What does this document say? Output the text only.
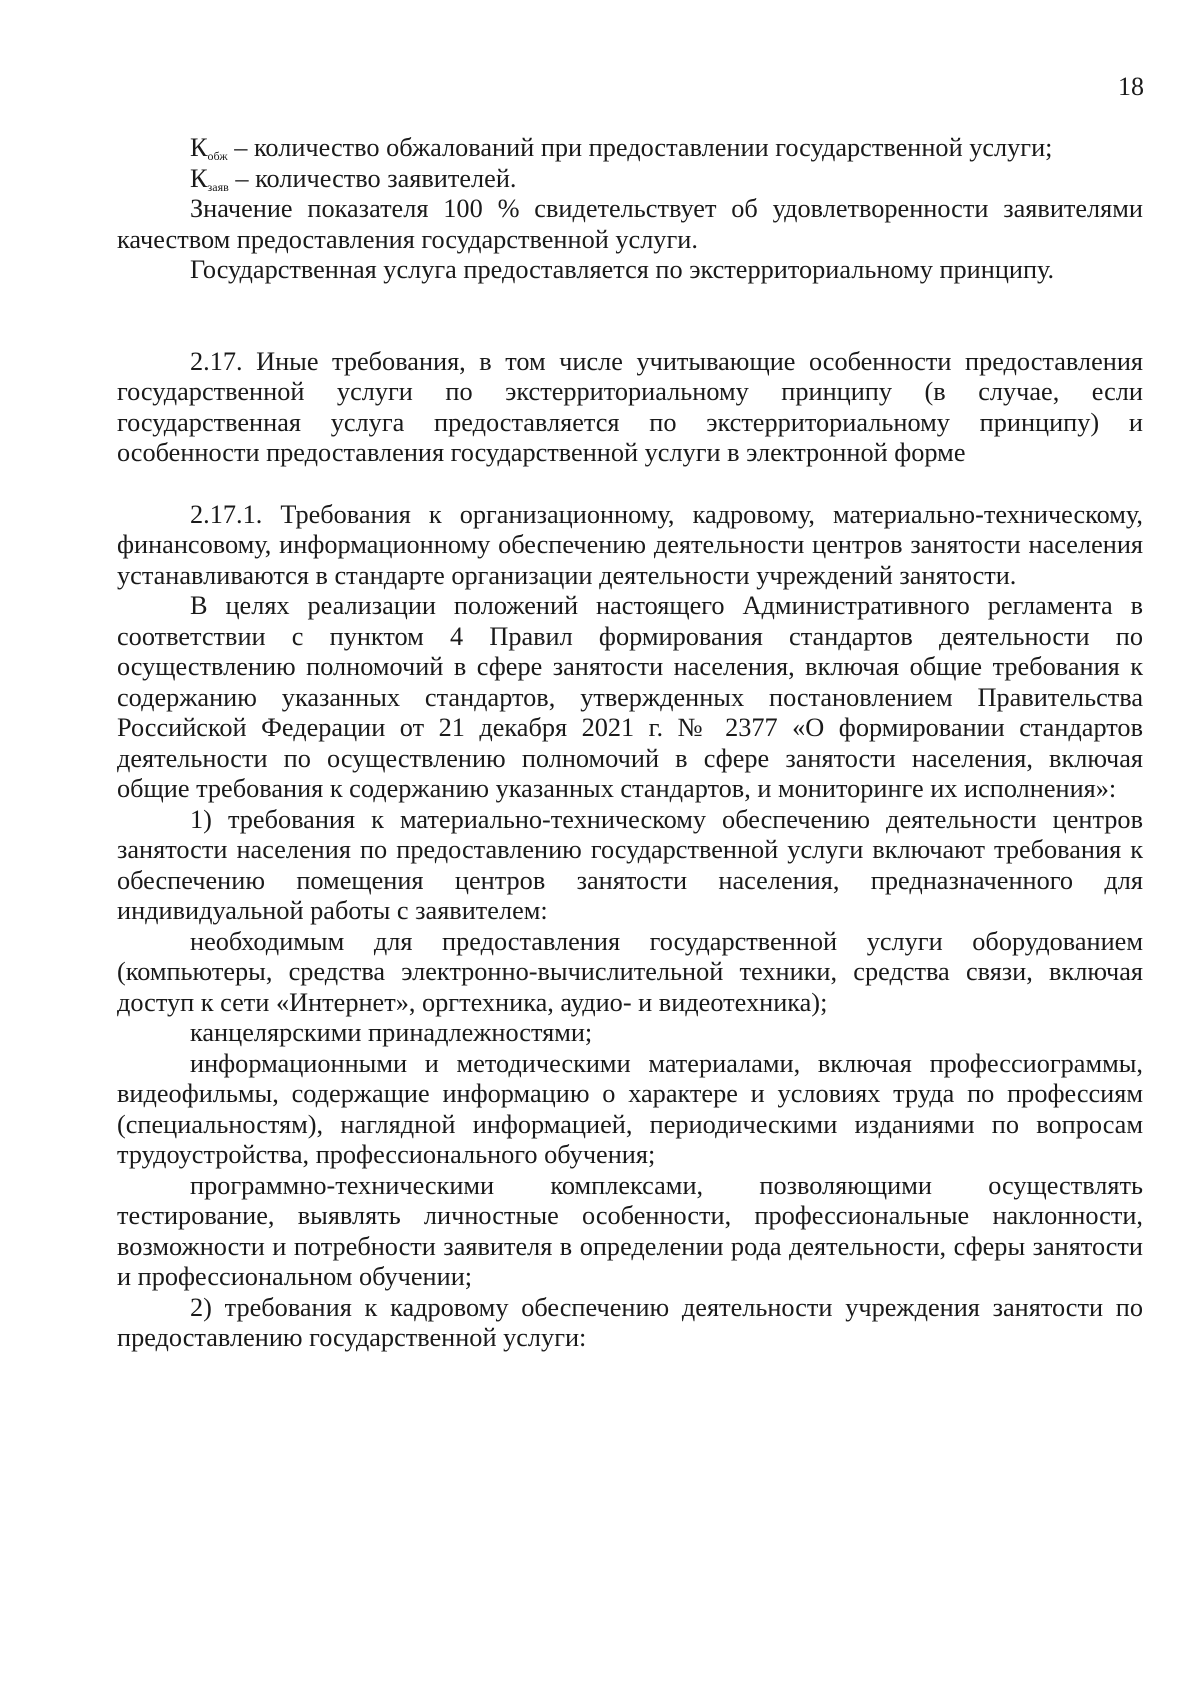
18

$К_{обж}$ – количество обжалований при предоставлении государственной услуги;

$К_{заяв}$ – количество заявителей.

Значение показателя 100 % свидетельствует об удовлетворенности заявителями качеством предоставления государственной услуги.

Государственная услуга предоставляется по экстерриториальному принципу.

2.17. Иные требования, в том числе учитывающие особенности предоставления государственной услуги по экстерриториальному принципу (в случае, если государственная услуга предоставляется по экстерриториальному принципу) и особенности предоставления государственной услуги в электронной форме

2.17.1. Требования к организационному, кадровому, материально-техническому, финансовому, информационному обеспечению деятельности центров занятости населения устанавливаются в стандарте организации деятельности учреждений занятости.

В целях реализации положений настоящего Административного регламента в соответствии с пунктом 4 Правил формирования стандартов деятельности по осуществлению полномочий в сфере занятости населения, включая общие требования к содержанию указанных стандартов, утвержденных постановлением Правительства Российской Федерации от 21 декабря 2021 г. № 2377 «О формировании стандартов деятельности по осуществлению полномочий в сфере занятости населения, включая общие требования к содержанию указанных стандартов, и мониторинге их исполнения»:

1) требования к материально-техническому обеспечению деятельности центров занятости населения по предоставлению государственной услуги включают требования к обеспечению помещения центров занятости населения, предназначенного для индивидуальной работы с заявителем:

необходимым для предоставления государственной услуги оборудованием (компьютеры, средства электронно-вычислительной техники, средства связи, включая доступ к сети «Интернет», оргтехника, аудио- и видеотехника);

канцелярскими принадлежностями;

информационными и методическими материалами, включая профессиограммы, видеофильмы, содержащие информацию о характере и условиях труда по профессиям (специальностям), наглядной информацией, периодическими изданиями по вопросам трудоустройства, профессионального обучения;

программно-техническими комплексами, позволяющими осуществлять тестирование, выявлять личностные особенности, профессиональные наклонности, возможности и потребности заявителя в определении рода деятельности, сферы занятости и профессиональном обучении;

2) требования к кадровому обеспечению деятельности учреждения занятости по предоставлению государственной услуги:
